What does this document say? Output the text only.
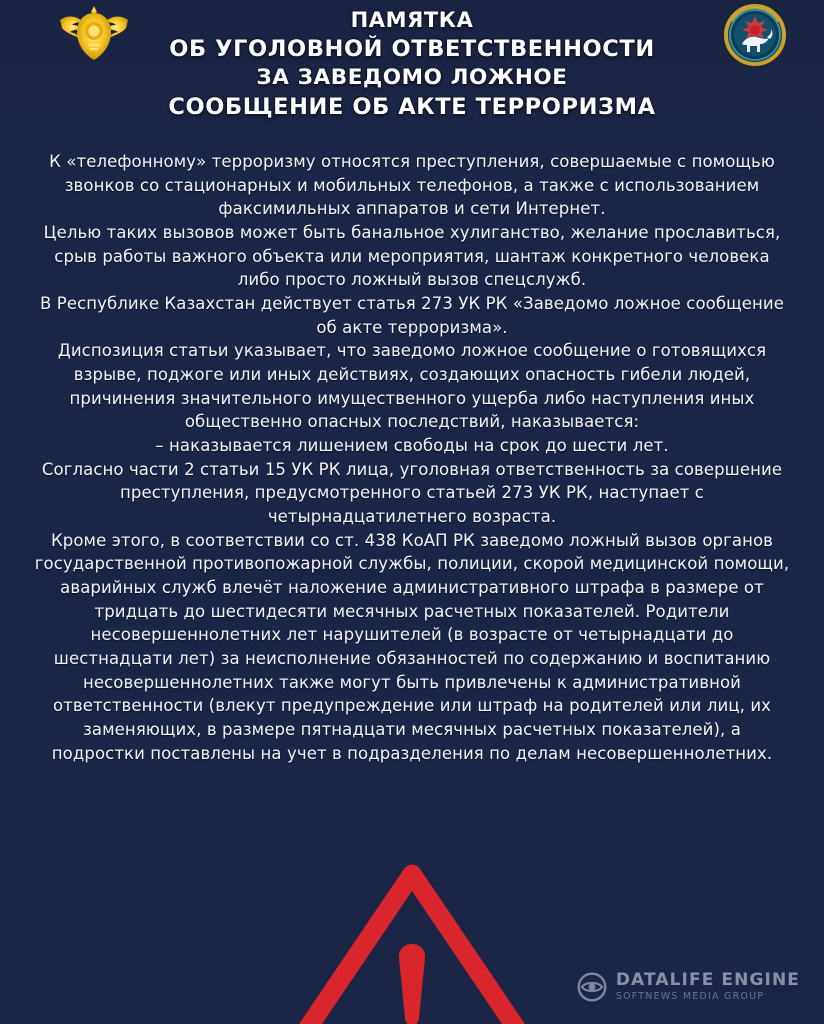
ПАМЯТКА
ОБ УГОЛОВНОЙ ОТВЕТСТВЕННОСТИ
ЗА ЗАВЕДОМО ЛОЖНОЕ
СООБЩЕНИЕ ОБ АКТЕ ТЕРРОРИЗМА

К «телефонному» терроризму относятся преступления, совершаемые с помощью звонков со стационарных и мобильных телефонов, а также с использованием факсимильных аппаратов и сети Интернет.

Целью таких вызовов может быть банальное хулиганство, желание прославиться, срыв работы важного объекта или мероприятия, шантаж конкретного человека либо просто ложный вызов спецслужб.

В Республике Казахстан действует статья 273 УК РК «Заведомо ложное сообщение об акте терроризма».

Диспозиция статьи указывает, что заведомо ложное сообщение о готовящихся взрыве, поджоге или иных действиях, создающих опасность гибели людей, причинения значительного имущественного ущерба либо наступления иных общественно опасных последствий, наказывается:

– наказывается лишением свободы на срок до шести лет.

Согласно части 2 статьи 15 УК РК лица, уголовная ответственность за совершение преступления, предусмотренного статьей 273 УК РК, наступает с четырнадцатилетнего возраста.

Кроме этого, в соответствии со ст. 438 КоАП РК заведомо ложный вызов органов государственной противопожарной службы, полиции, скорой медицинской помощи, аварийных служб влечёт наложение административного штрафа в размере от тридцать до шестидесяти месячных расчетных показателей. Родители несовершеннолетних лет нарушителей (в возрасте от четырнадцати до шестнадцати лет) за неисполнение обязанностей по содержанию и воспитанию несовершеннолетних также могут быть привлечены к административной ответственности (влекут предупреждение или штраф на родителей или лиц, их заменяющих, в размере пятнадцати месячных расчетных показателей), а подростки поставлены на учет в подразделения по делам несовершеннолетних.

DATALIFE ENGINE
SOFTNEWS MEDIA GROUP
